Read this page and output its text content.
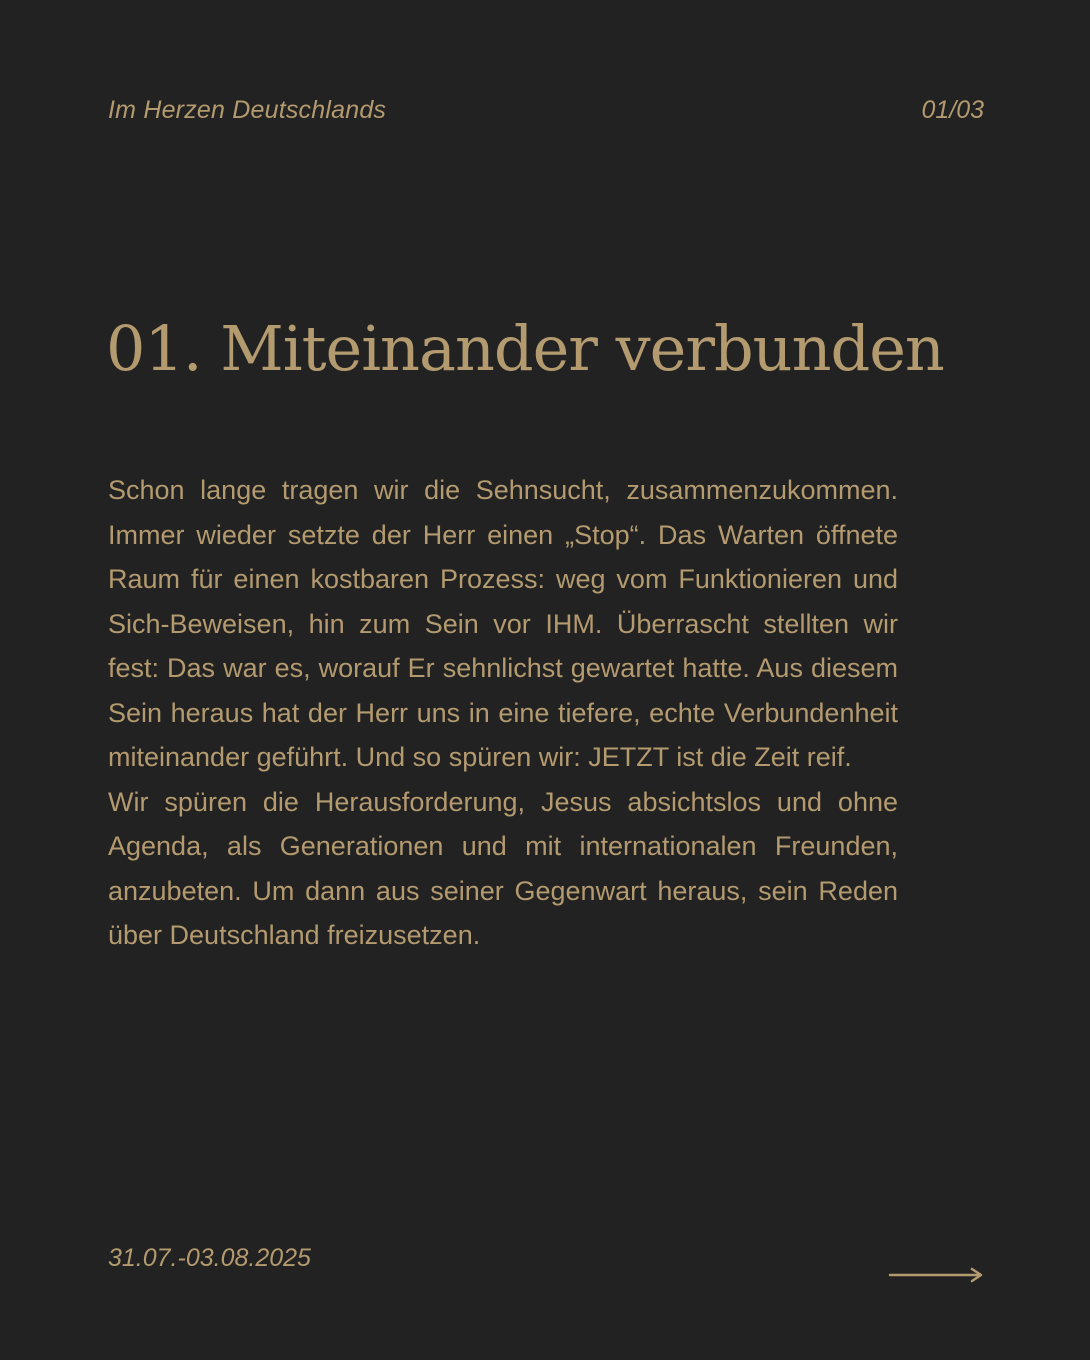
Im Herzen Deutschlands	01/03
01. Miteinander verbunden

Schon lange tragen wir die Sehnsucht, zusammenzukommen. Immer wieder setzte der Herr einen „Stop“. Das Warten öffnete Raum für einen kostbaren Prozess: weg vom Funktionieren und Sich-Beweisen, hin zum Sein vor IHM. Überrascht stellten wir fest: Das war es, worauf Er sehnlichst gewartet hatte. Aus diesem Sein heraus hat der Herr uns in eine tiefere, echte Verbundenheit miteinander geführt. Und so spüren wir: JETZT ist die Zeit reif.

Wir spüren die Herausforderung, Jesus absichtslos und ohne Agenda, als Generationen und mit internationalen Freunden, anzubeten. Um dann aus seiner Gegenwart heraus, sein Reden über Deutschland freizusetzen.

31.07.-03.08.2025
